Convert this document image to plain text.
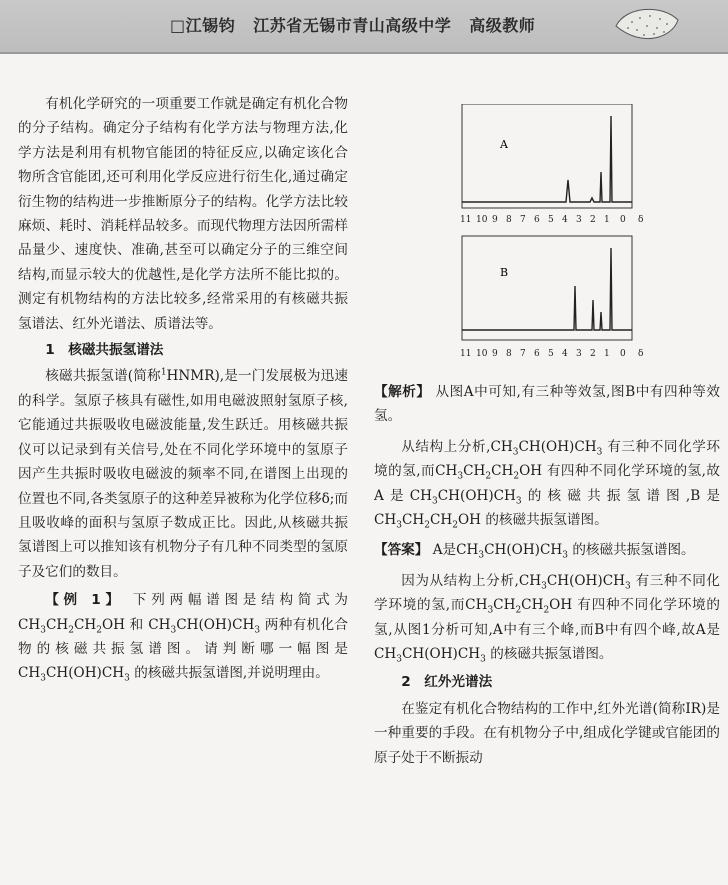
□江锡钧 江苏省无锡市青山高级中学 高级教师

有机化学研究的一项重要工作就是确定有机化合物的分子结构。确定分子结构有化学方法与物理方法,化学方法是利用有机物官能团的特征反应,以确定该化合物所含官能团,还可利用化学反应进行衍生化,通过确定衍生物的结构进一步推断原分子的结构。化学方法比较麻烦、耗时、消耗样品较多。而现代物理方法因所需样品量少、速度快、准确,甚至可以确定分子的三维空间结构,而显示较大的优越性,是化学方法所不能比拟的。测定有机物结构的方法比较多,经常采用的有核磁共振氢谱法、红外光谱法、质谱法等。

1　核磁共振氢谱法

核磁共振氢谱(简称$^1$HNMR),是一门发展极为迅速的科学。氢原子核具有磁性,如用电磁波照射氢原子核,它能通过共振吸收电磁波能量,发生跃迁。用核磁共振仪可以记录到有关信号,处在不同化学环境中的氢原子因产生共振时吸收电磁波的频率不同,在谱图上出现的位置也不同,各类氢原子的这种差异被称为化学位移δ;而且吸收峰的面积与氢原子数成正比。因此,从核磁共振氢谱图上可以推知该有机物分子有几种不同类型的氢原子及它们的数目。

【例 1】 下列两幅谱图是结构简式为$CH_3CH_2CH_2OH$ 和 $CH_3CH(OH)CH_3$ 两种有机化合物的核磁共振氢谱图。请判断哪一幅图是$CH_3CH(OH)CH_3$ 的核磁共振氢谱图,并说明理由。

A
11 10 9 8 7 6 5 4 3 2 1 0 δ
B
11 10 9 8 7 6 5 4 3 2 1 0 δ

【解析】 从图A中可知,有三种等效氢,图B中有四种等效氢。

从结构上分析$,CH_3CH(OH)CH_3$ 有三种不同化学环境的氢,而$CH_3CH_2CH_2OH$ 有四种不同化学环境的氢,故A是$CH_3CH(OH)CH_3$的核磁共振氢谱图,B是$CH_3CH_2CH_2OH$ 的核磁共振氢谱图。

【答案】 A是$CH_3CH(OH)CH_3$ 的核磁共振氢谱图。

因为从结构上分析$,CH_3CH(OH)CH_3$ 有三种不同化学环境的氢,而$CH_3CH_2CH_2OH$ 有四种不同化学环境的氢,从图1分析可知,A中有三个峰,而B中有四个峰,故A是$CH_3CH(OH)CH_3$ 的核磁共振氢谱图。

2　红外光谱法

在鉴定有机化合物结构的工作中,红外光谱(简称IR)是一种重要的手段。在有机物分子中,组成化学键或官能团的原子处于不断振动
